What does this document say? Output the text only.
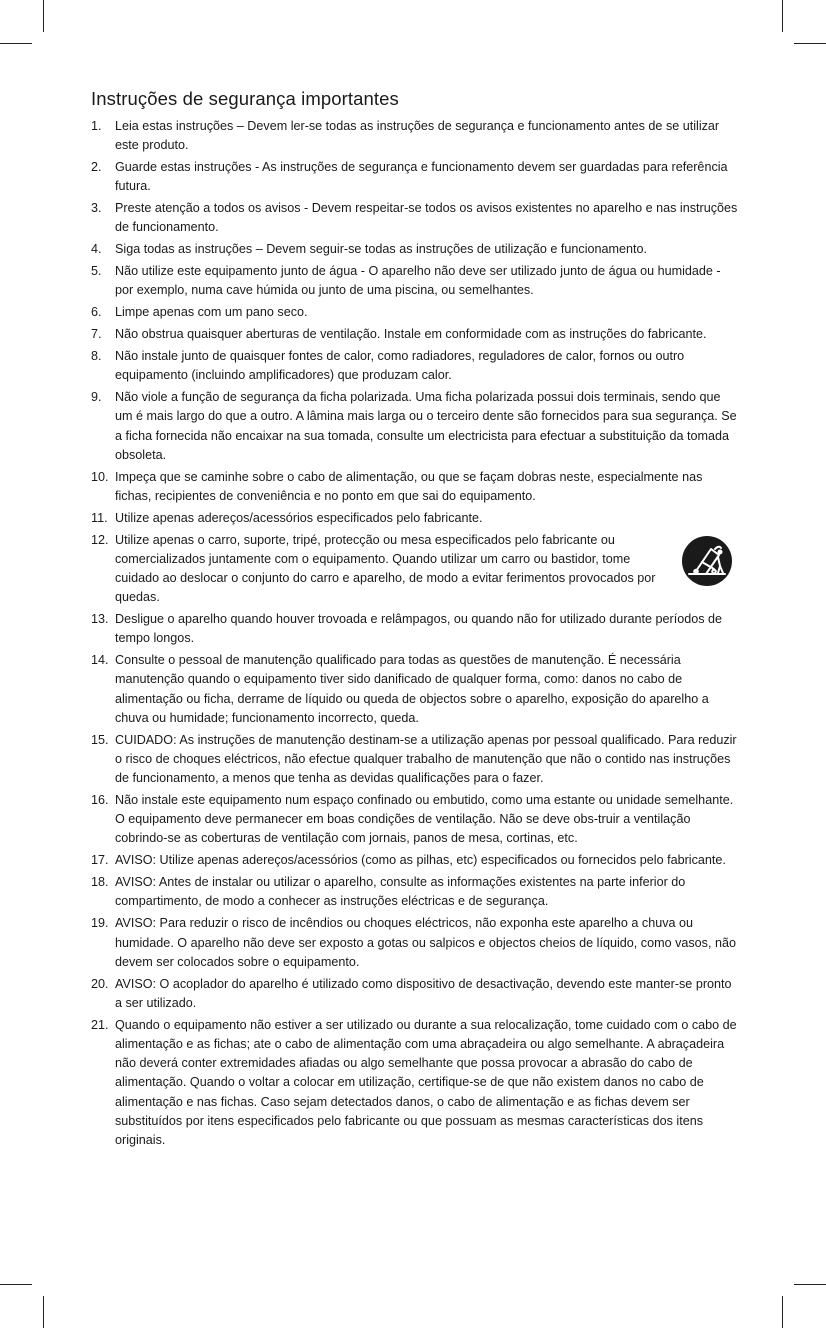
Instruções de segurança importantes
1. Leia estas instruções – Devem ler-se todas as instruções de segurança e funcionamento antes de se utilizar este produto.
2. Guarde estas instruções - As instruções de segurança e funcionamento devem ser guardadas para referência futura.
3. Preste atenção a todos os avisos - Devem respeitar-se todos os avisos existentes no aparelho e nas instruções de funcionamento.
4. Siga todas as instruções – Devem seguir-se todas as instruções de utilização e funcionamento.
5. Não utilize este equipamento junto de água - O aparelho não deve ser utilizado junto de água ou humidade - por exemplo, numa cave húmida ou junto de uma piscina, ou semelhantes.
6. Limpe apenas com um pano seco.
7. Não obstrua quaisquer aberturas de ventilação. Instale em conformidade com as instruções do fabricante.
8. Não instale junto de quaisquer fontes de calor, como radiadores, reguladores de calor, fornos ou outro equipamento (incluindo amplificadores) que produzam calor.
9. Não viole a função de segurança da ficha polarizada. Uma ficha polarizada possui dois terminais, sendo que um é mais largo do que a outro. A lâmina mais larga ou o terceiro dente são fornecidos para sua segurança. Se a ficha fornecida não encaixar na sua tomada, consulte um electricista para efectuar a substituição da tomada obsoleta.
10. Impeça que se caminhe sobre o cabo de alimentação, ou que se façam dobras neste, especialmente nas fichas, recipientes de conveniência e no ponto em que sai do equipamento.
11. Utilize apenas adereços/acessórios especificados pelo fabricante.
12. Utilize apenas o carro, suporte, tripé, protecção ou mesa especificados pelo fabricante ou comercializados juntamente com o equipamento. Quando utilizar um carro ou bastidor, tome cuidado ao deslocar o conjunto do carro e aparelho, de modo a evitar ferimentos provocados por quedas.
13. Desligue o aparelho quando houver trovoada e relâmpagos, ou quando não for utilizado durante períodos de tempo longos.
14. Consulte o pessoal de manutenção qualificado para todas as questões de manutenção. É necessária manutenção quando o equipamento tiver sido danificado de qualquer forma, como: danos no cabo de alimentação ou ficha, derrame de líquido ou queda de objectos sobre o aparelho, exposição do aparelho a chuva ou humidade; funcionamento incorrecto, queda.
15. CUIDADO: As instruções de manutenção destinam-se a utilização apenas por pessoal qualificado. Para reduzir o risco de choques eléctricos, não efectue qualquer trabalho de manutenção que não o contido nas instruções de funcionamento, a menos que tenha as devidas qualificações para o fazer.
16. Não instale este equipamento num espaço confinado ou embutido, como uma estante ou unidade semelhante. O equipamento deve permanecer em boas condições de ventilação. Não se deve obs-truir a ventilação cobrindo-se as coberturas de ventilação com jornais, panos de mesa, cortinas, etc.
17. AVISO: Utilize apenas adereços/acessórios (como as pilhas, etc) especificados ou fornecidos pelo fabricante.
18. AVISO: Antes de instalar ou utilizar o aparelho, consulte as informações existentes na parte inferior do compartimento, de modo a conhecer as instruções eléctricas e de segurança.
19. AVISO: Para reduzir o risco de incêndios ou choques eléctricos, não exponha este aparelho a chuva ou humidade. O aparelho não deve ser exposto a gotas ou salpicos e objectos cheios de líquido, como vasos, não devem ser colocados sobre o equipamento.
20. AVISO: O acoplador do aparelho é utilizado como dispositivo de desactivação, devendo este manter-se pronto a ser utilizado.
21. Quando o equipamento não estiver a ser utilizado ou durante a sua relocalização, tome cuidado com o cabo de alimentação e as fichas; ate o cabo de alimentação com uma abraçadeira ou algo semelhante. A abraçadeira não deverá conter extremidades afiadas ou algo semelhante que possa provocar a abrasão do cabo de alimentação. Quando o voltar a colocar em utilização, certifique-se de que não existem danos no cabo de alimentação e nas fichas. Caso sejam detectados danos, o cabo de alimentação e as fichas devem ser substituídos por itens especificados pelo fabricante ou que possuam as mesmas características dos itens originais.
